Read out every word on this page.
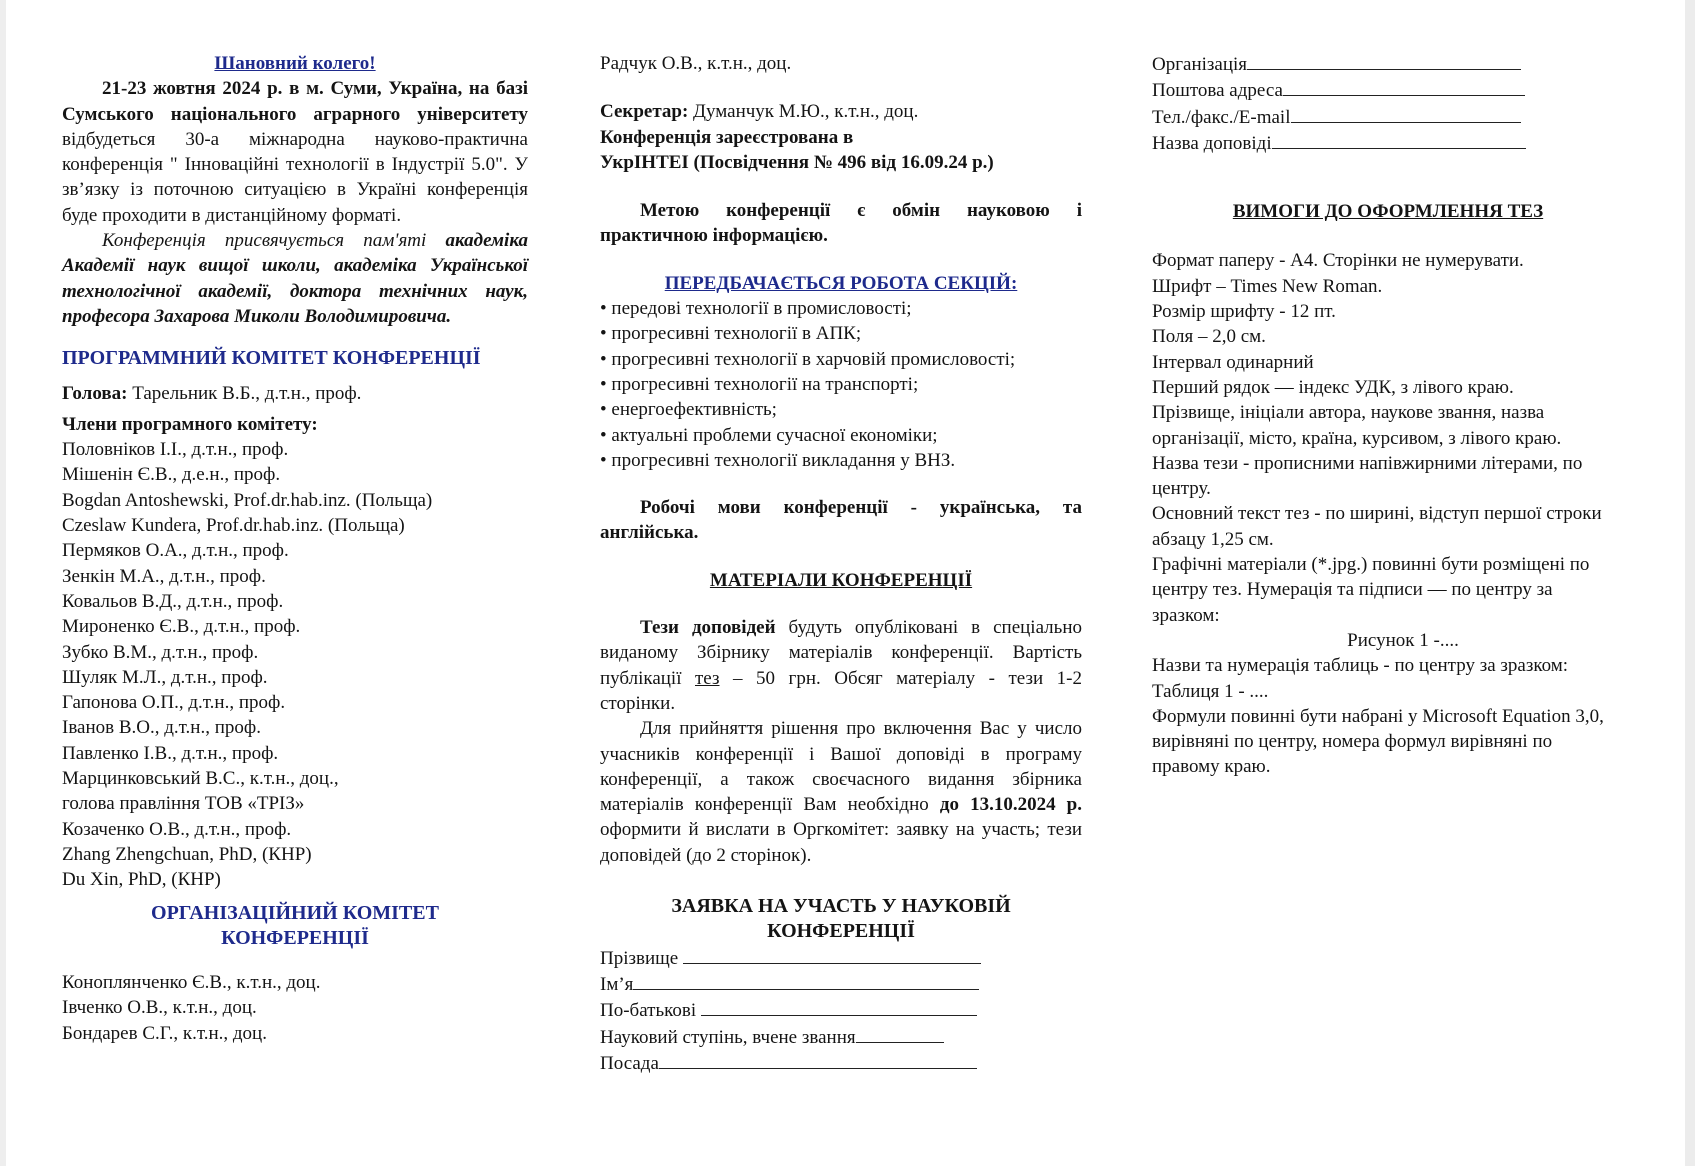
Шановний колего!

21-23 жовтня 2024 р. в м. Суми, Україна, на базі Сумського національного аграрного університету відбудеться 30-а міжнародна науково-практична конференція " Інноваційні технології в Індустрії 5.0". У звʼязку із поточною ситуацією в Україні конференція буде проходити в дистанційному форматі.

Конференція присвячується пам'яті академіка Академії наук вищої школи, академіка Української технологічної академії, доктора технічних наук, професора Захарова Миколи Володимировича.

ПРОГРАММНИЙ КОМІТЕТ КОНФЕРЕНЦІЇ

Голова: Тарельник В.Б., д.т.н., проф.

Члени програмного комітету:

Половніков І.І., д.т.н., проф.
Мішенін Є.В., д.е.н., проф.
Bogdan Antoshewski, Prof.dr.hab.inz. (Польща)
Czeslaw Kundera, Prof.dr.hab.inz. (Польща)
Пермяков О.А., д.т.н., проф.
Зенкін М.А., д.т.н., проф.
Ковальов В.Д., д.т.н., проф.
Мироненко Є.В., д.т.н., проф.
Зубко В.М., д.т.н., проф.
Шуляк М.Л., д.т.н., проф.
Гапонова О.П., д.т.н., проф.
Іванов В.О., д.т.н., проф.
Павленко І.В., д.т.н., проф.
Марцинковський В.С., к.т.н., доц.,
голова правління ТОВ «ТРІЗ»
Козаченко О.В., д.т.н., проф.
Zhang Zhengchuan, PhD, (КНР)
Du Xin, PhD, (КНР)

ОРГАНІЗАЦІЙНИЙ КОМІТЕТ
КОНФЕРЕНЦІЇ

Коноплянченко Є.В., к.т.н., доц.
Івченко О.В., к.т.н., доц.
Бондарев С.Г., к.т.н., доц.

Радчук О.В., к.т.н., доц.

Секретар: Думанчук М.Ю., к.т.н., доц.

Конференція зареєстрована в

УкрІНТЕІ (Посвідчення № 496 від 16.09.24 р.)

Метою конференції є обмін науковою і практичною інформацією.

ПЕРЕДБАЧАЄТЬСЯ РОБОТА СЕКЦІЙ:

• передові технології в промисловості;
• прогресивні технології в АПК;
• прогресивні технології в харчовій промисловості;
• прогресивні технології на транспорті;
• енергоефективність;
• актуальні проблеми сучасної економіки;
• прогресивні технології викладання у ВНЗ.

Робочі мови конференції - українська, та англійська.

МАТЕРІАЛИ КОНФЕРЕНЦІЇ

Тези доповідей будуть опубліковані в спеціально виданому Збірнику матеріалів конференції. Вартість публікації тез – 50 грн. Обсяг матеріалу - тези 1-2 сторінки.

Для прийняття рішення про включення Вас у число учасників конференції і Вашої доповіді в програму конференції, а також своєчасного видання збірника матеріалів конференції Вам необхідно до 13.10.2024 р. оформити й вислати в Оргкомітет: заявку на участь; тези доповідей (до 2 сторінок).

ЗАЯВКА НА УЧАСТЬ У НАУКОВІЙ
КОНФЕРЕНЦІЇ

Прізвище
Ім’я
По-батькові
Науковий ступінь, вчене звання
Посада
Організація
Поштова адреса
Тел./факс./E-mail
Назва доповіді

ВИМОГИ ДО ОФОРМЛЕННЯ ТЕЗ

Формат паперу - А4. Сторінки не нумерувати.
Шрифт – Times New Roman.
Розмір шрифту - 12 пт.
Поля – 2,0 см.
Інтервал одинарний
Перший рядок — індекс УДК, з лівого краю.
Прізвище, ініціали автора, наукове звання, назва організації, місто, країна, курсивом, з лівого краю.
Назва тези - прописними напівжирними літерами, по центру.
Основний текст тез - по ширині, відступ першої строки абзацу 1,25 см.
Графічні матеріали (*.jpg.) повинні бути розміщені по центру тез. Нумерація та підписи — по центру за зразком:
Рисунок 1 -....
Назви та нумерація таблиць - по центру за зразком:
Таблиця 1 - ....
Формули повинні бути набрані у Microsoft Equation 3,0, вирівняні по центру, номера формул вирівняні по правому краю.
